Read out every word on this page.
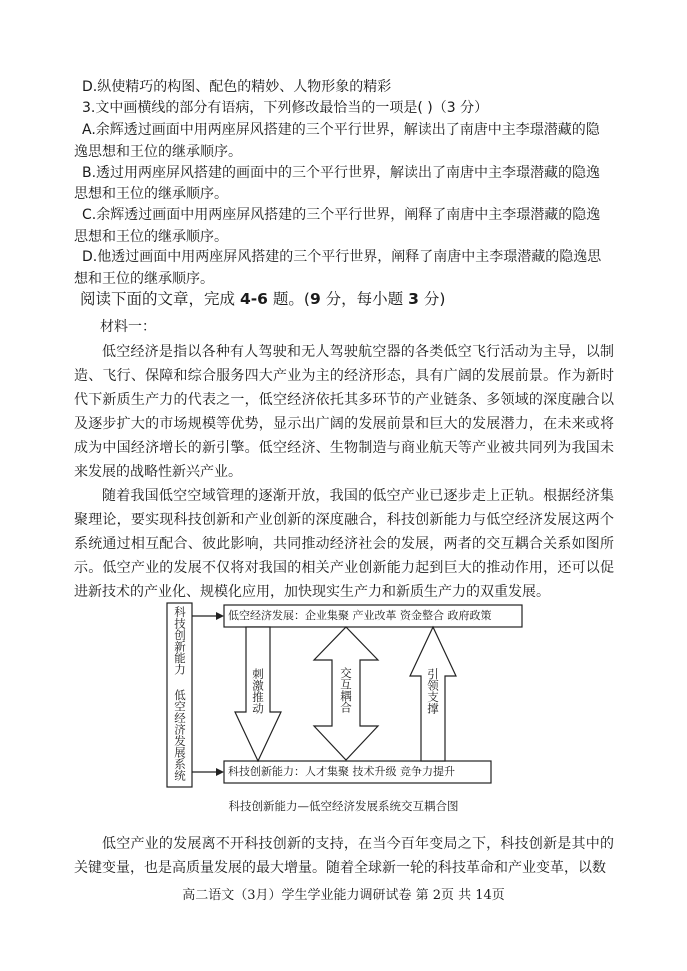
D.纵使精巧的构图、配色的精妙、人物形象的精彩
3.文中画横线的部分有语病，下列修改最恰当的一项是( )（3 分）
A.余辉透过画面中用两座屏风搭建的三个平行世界，解读出了南唐中主李璟潜藏的隐
逸思想和王位的继承顺序。
B.透过用两座屏风搭建的画面中的三个平行世界，解读出了南唐中主李璟潜藏的隐逸
思想和王位的继承顺序。
C.余辉透过画面中用两座屏风搭建的三个平行世界，阐释了南唐中主李璟潜藏的隐逸
思想和王位的继承顺序。
D.他透过画面中用两座屏风搭建的三个平行世界，阐释了南唐中主李璟潜藏的隐逸思
想和王位的继承顺序。
阅读下面的文章，完成 4-6 题。(9 分，每小题 3 分)
材料一：
低空经济是指以各种有人驾驶和无人驾驶航空器的各类低空飞行活动为主导，以制造、飞行、保障和综合服务四大产业为主的经济形态，具有广阔的发展前景。作为新时代下新质生产力的代表之一，低空经济依托其多环节的产业链条、多领域的深度融合以及逐步扩大的市场规模等优势，显示出广阔的发展前景和巨大的发展潜力，在未来或将成为中国经济增长的新引擎。低空经济、生物制造与商业航天等产业被共同列为我国未来发展的战略性新兴产业。
随着我国低空空域管理的逐渐开放，我国的低空产业已逐步走上正轨。根据经济集聚理论，要实现科技创新和产业创新的深度融合，科技创新能力与低空经济发展这两个系统通过相互配合、彼此影响，共同推动经济社会的发展，两者的交互耦合关系如图所示。低空产业的发展不仅将对我国的相关产业创新能力起到巨大的推动作用，还可以促进新技术的产业化、规模化应用，加快现实生产力和新质生产力的双重发展。
科技创新能力 低空经济发展系统	低空经济发展：企业集聚 产业改革 资金整合 政府政策
科技创新能力：人才集聚 技术升级 竞争力提升
刺激推动	交互耦合	引领支撑
科技创新能力—低空经济发展系统交互耦合图
低空产业的发展离不开科技创新的支持，在当今百年变局之下，科技创新是其中的关键变量，也是高质量发展的最大增量。随着全球新一轮的科技革命和产业变革，以数
高二语文（3月）学生学业能力调研试卷 第 2页 共 14页
